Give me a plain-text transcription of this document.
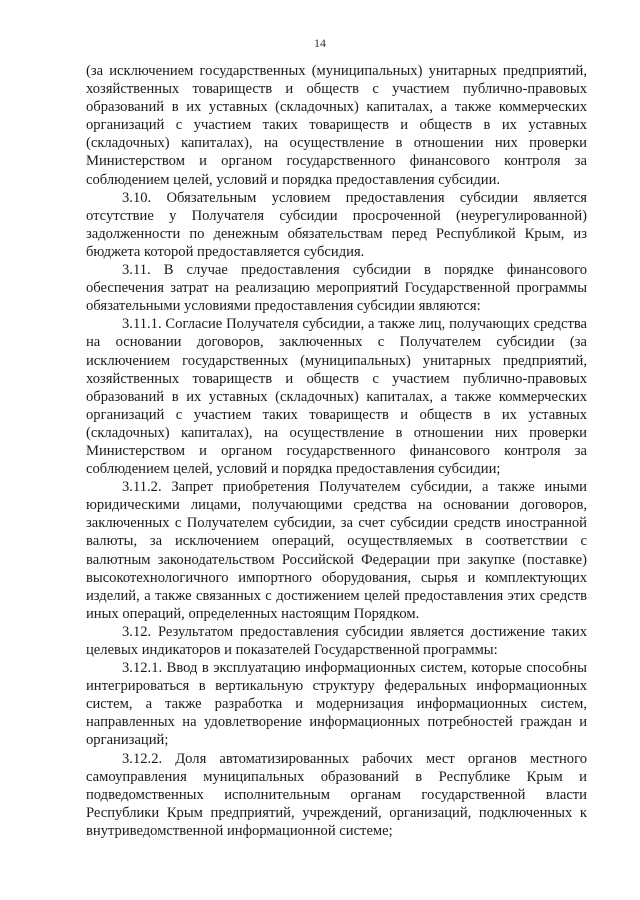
14

(за исключением государственных (муниципальных) унитарных предприятий, хозяйственных товариществ и обществ с участием публично-правовых образований в их уставных (складочных) капиталах, а также коммерческих организаций с участием таких товариществ и обществ в их уставных (складочных) капиталах), на осуществление в отношении них проверки Министерством и органом государственного финансового контроля за соблюдением целей, условий и порядка предоставления субсидии.

3.10. Обязательным условием предоставления субсидии является отсутствие у Получателя субсидии просроченной (неурегулированной) задолженности по денежным обязательствам перед Республикой Крым, из бюджета которой предоставляется субсидия.

3.11. В случае предоставления субсидии в порядке финансового обеспечения затрат на реализацию мероприятий Государственной программы обязательными условиями предоставления субсидии являются:

3.11.1. Согласие Получателя субсидии, а также лиц, получающих средства на основании договоров, заключенных с Получателем субсидии (за исключением государственных (муниципальных) унитарных предприятий, хозяйственных товариществ и обществ с участием публично-правовых образований в их уставных (складочных) капиталах, а также коммерческих организаций с участием таких товариществ и обществ в их уставных (складочных) капиталах), на осуществление в отношении них проверки Министерством и органом государственного финансового контроля за соблюдением целей, условий и порядка предоставления субсидии;

3.11.2. Запрет приобретения Получателем субсидии, а также иными юридическими лицами, получающими средства на основании договоров, заключенных с Получателем субсидии, за счет субсидии средств иностранной валюты, за исключением операций, осуществляемых в соответствии с валютным законодательством Российской Федерации при закупке (поставке) высокотехнологичного импортного оборудования, сырья и комплектующих изделий, а также связанных с достижением целей предоставления этих средств иных операций, определенных настоящим Порядком.

3.12. Результатом предоставления субсидии является достижение таких целевых индикаторов и показателей Государственной программы:

3.12.1. Ввод в эксплуатацию информационных систем, которые способны интегрироваться в вертикальную структуру федеральных информационных систем, а также разработка и модернизация информационных систем, направленных на удовлетворение информационных потребностей граждан и организаций;

3.12.2. Доля автоматизированных рабочих мест органов местного самоуправления муниципальных образований в Республике Крым и подведомственных исполнительным органам государственной власти Республики Крым предприятий, учреждений, организаций, подключенных к внутриведомственной информационной системе;
